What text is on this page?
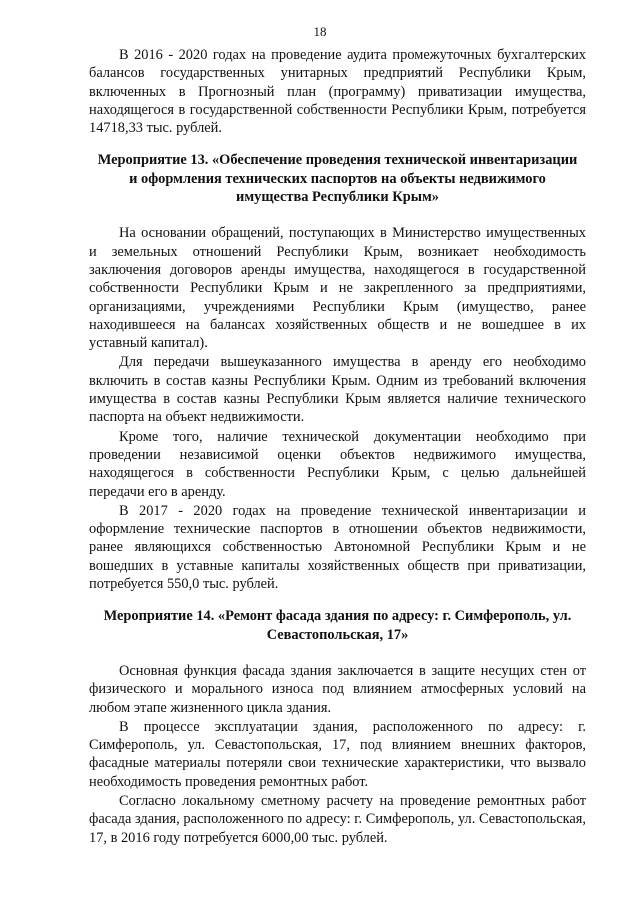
18

В 2016 - 2020 годах на проведение аудита промежуточных бухгалтерских балансов государственных унитарных предприятий Республики Крым, включенных в Прогнозный план (программу) приватизации имущества, находящегося в государственной собственности Республики Крым, потребуется 14718,33 тыс. рублей.

Мероприятие 13. «Обеспечение проведения технической инвентаризации и оформления технических паспортов на объекты недвижимого имущества Республики Крым»

На основании обращений, поступающих в Министерство имущественных и земельных отношений Республики Крым, возникает необходимость заключения договоров аренды имущества, находящегося в государственной собственности Республики Крым и не закрепленного за предприятиями, организациями, учреждениями Республики Крым (имущество, ранее находившееся на балансах хозяйственных обществ и не вошедшее в их уставный капитал).

Для передачи вышеуказанного имущества в аренду его необходимо включить в состав казны Республики Крым. Одним из требований включения имущества в состав казны Республики Крым является наличие технического паспорта на объект недвижимости.

Кроме того, наличие технической документации необходимо при проведении независимой оценки объектов недвижимого имущества, находящегося в собственности Республики Крым, с целью дальнейшей передачи его в аренду.

В 2017 - 2020 годах на проведение технической инвентаризации и оформление технические паспортов в отношении объектов недвижимости, ранее являющихся собственностью Автономной Республики Крым и не вошедших в уставные капиталы хозяйственных обществ при приватизации, потребуется 550,0 тыс. рублей.

Мероприятие 14. «Ремонт фасада здания по адресу: г. Симферополь, ул. Севастопольская, 17»

Основная функция фасада здания заключается в защите несущих стен от физического и морального износа под влиянием атмосферных условий на любом этапе жизненного цикла здания.

В процессе эксплуатации здания, расположенного по адресу: г. Симферополь, ул. Севастопольская, 17, под влиянием внешних факторов, фасадные материалы потеряли свои технические характеристики, что вызвало необходимость проведения ремонтных работ.

Согласно локальному сметному расчету на проведение ремонтных работ фасада здания, расположенного по адресу: г. Симферополь, ул. Севастопольская, 17, в 2016 году потребуется 6000,00 тыс. рублей.
